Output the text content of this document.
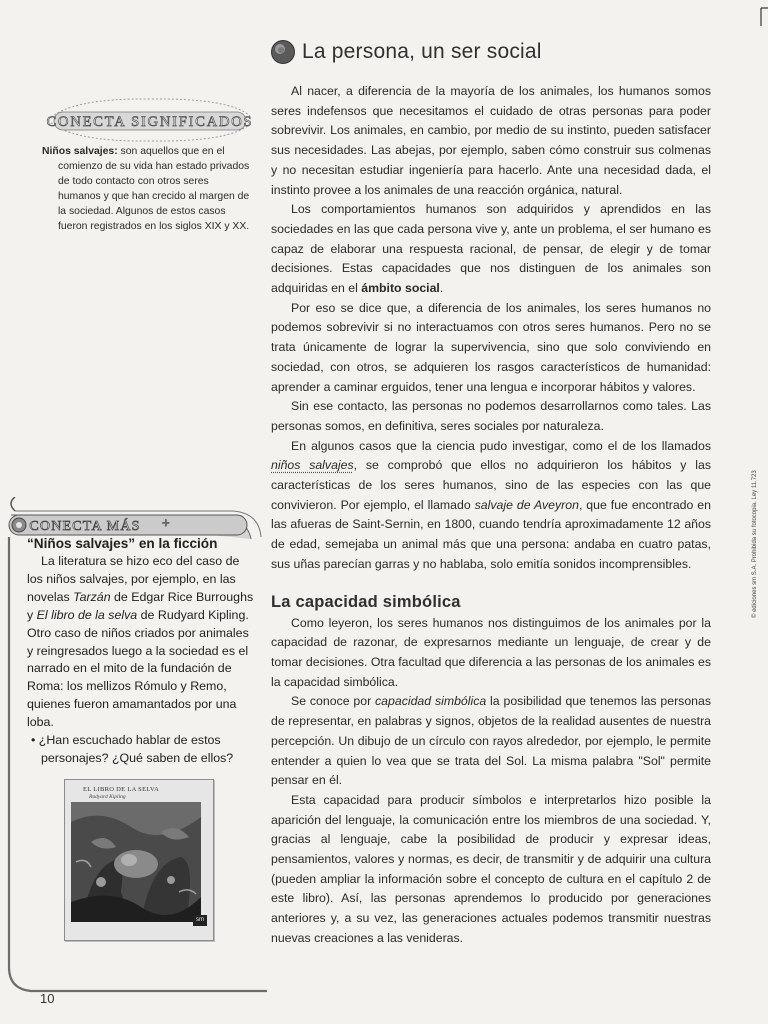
La persona, un ser social
CONECTA SIGNIFICADOS

Niños salvajes: son aquellos que en el comienzo de su vida han estado privados de todo contacto con otros seres humanos y que han crecido al margen de la sociedad. Algunos de estos casos fueron registrados en los siglos XIX y XX.

CONECTA MÁS +

“Niños salvajes” en la ficción

La literatura se hizo eco del caso de los niños salvajes, por ejemplo, en las novelas Tarzán de Edgar Rice Burroughs y El libro de la selva de Rudyard Kipling. Otro caso de niños criados por animales y reingresados luego a la sociedad es el narrado en el mito de la fundación de Roma: los mellizos Rómulo y Remo, quienes fueron amamantados por una loba.

• ¿Han escuchado hablar de estos personajes? ¿Qué saben de ellos?

EL LIBRO DE LA SELVA
Rudyard Kipling
sm

Al nacer, a diferencia de la mayoría de los animales, los humanos somos seres indefensos que necesitamos el cuidado de otras personas para poder sobrevivir. Los animales, en cambio, por medio de su instinto, pueden satisfacer sus necesidades. Las abejas, por ejemplo, saben cómo construir sus colmenas y no necesitan estudiar ingeniería para hacerlo. Ante una necesidad dada, el instinto provee a los animales de una reacción orgánica, natural.

Los comportamientos humanos son adquiridos y aprendidos en las sociedades en las que cada persona vive y, ante un problema, el ser humano es capaz de elaborar una respuesta racional, de pensar, de elegir y de tomar decisiones. Estas capacidades que nos distinguen de los animales son adquiridas en el ámbito social.

Por eso se dice que, a diferencia de los animales, los seres humanos no podemos sobrevivir si no interactuamos con otros seres humanos. Pero no se trata únicamente de lograr la supervivencia, sino que solo conviviendo en sociedad, con otros, se adquieren los rasgos característicos de humanidad: aprender a caminar erguidos, tener una lengua e incorporar hábitos y valores.

Sin ese contacto, las personas no podemos desarrollarnos como tales. Las personas somos, en definitiva, seres sociales por naturaleza.

En algunos casos que la ciencia pudo investigar, como el de los llamados niños salvajes, se comprobó que ellos no adquirieron los hábitos y las características de los seres humanos, sino de las especies con las que convivieron. Por ejemplo, el llamado salvaje de Aveyron, que fue encontrado en las afueras de Saint-Sernin, en 1800, cuando tendría aproximadamente 12 años de edad, semejaba un animal más que una persona: andaba en cuatro patas, sus uñas parecían garras y no hablaba, solo emitía sonidos incomprensibles.

La capacidad simbólica

Como leyeron, los seres humanos nos distinguimos de los animales por la capacidad de razonar, de expresarnos mediante un lenguaje, de crear y de tomar decisiones. Otra facultad que diferencia a las personas de los animales es la capacidad simbólica.

Se conoce por capacidad simbólica la posibilidad que tenemos las personas de representar, en palabras y signos, objetos de la realidad ausentes de nuestra percepción. Un dibujo de un círculo con rayos alrededor, por ejemplo, le permite entender a quien lo vea que se trata del Sol. La misma palabra "Sol" permite pensar en él.

Esta capacidad para producir símbolos e interpretarlos hizo posible la aparición del lenguaje, la comunicación entre los miembros de una sociedad. Y, gracias al lenguaje, cabe la posibilidad de producir y expresar ideas, pensamientos, valores y normas, es decir, de transmitir y de adquirir una cultura (pueden ampliar la información sobre el concepto de cultura en el capítulo 2 de este libro). Así, las personas aprendemos lo producido por generaciones anteriores y, a su vez, las generaciones actuales podemos transmitir nuestras nuevas creaciones a las venideras.

10
© ediciones sm S.A. Prohibida su fotocopia. Ley 11.723
